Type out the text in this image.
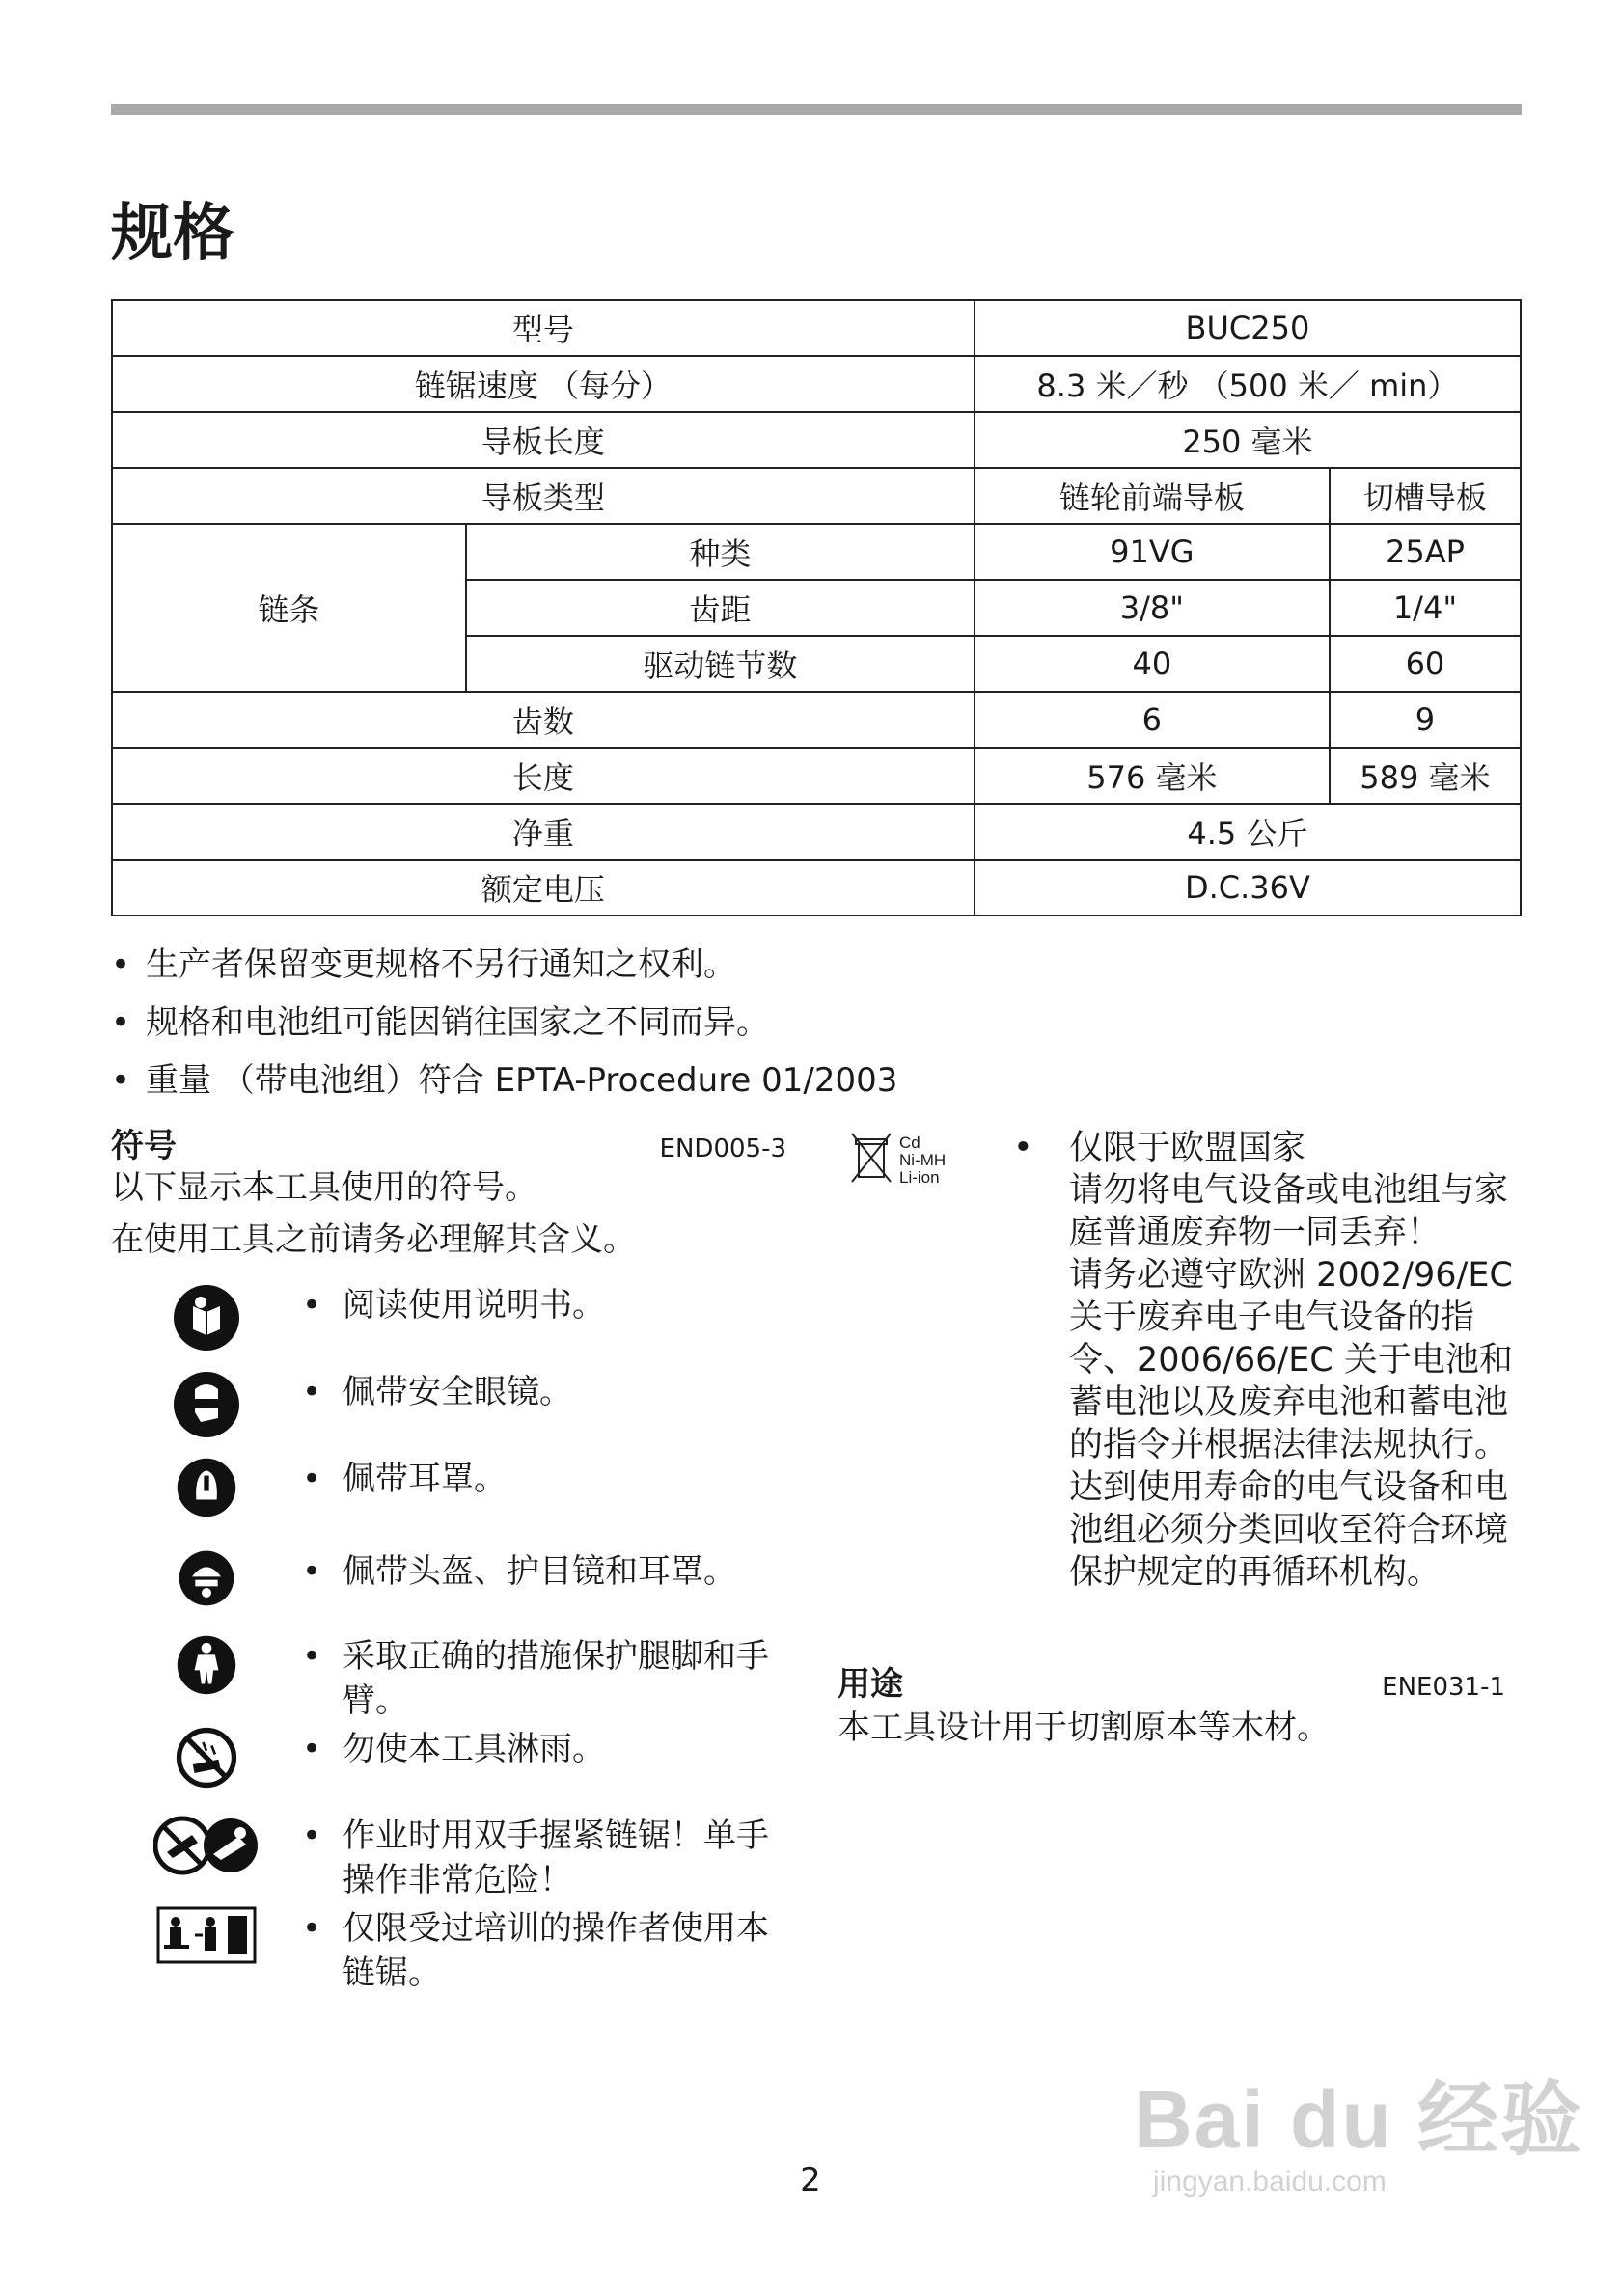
规格
型号		BUC250	
链锯速度 （每分）		8.3 米／秒 （500 米／ min）	
导板长度		250 毫米	
导板类型		链轮前端导板	切槽导板
链条	种类	91VG	25AP
	齿距	3/8"	1/4"
	驱动链节数	40	60
齿数		6	9
长度		576 毫米	589 毫米
净重		4.5 公斤	
额定电压		D.C.36V	
• 生产者保留变更规格不另行通知之权利。
• 规格和电池组可能因销往国家之不同而异。
• 重量 （带电池组）符合 EPTA-Procedure 01/2003
符号	END005-3
以下显示本工具使用的符号。
在使用工具之前请务必理解其含义。
• 阅读使用说明书。
• 佩带安全眼镜。
• 佩带耳罩。
• 佩带头盔、护目镜和耳罩。
• 采取正确的措施保护腿脚和手臂。
• 勿使本工具淋雨。
• 作业时用双手握紧链锯！单手操作非常危险！
• 仅限受过培训的操作者使用本链锯。
Cd
Ni-MH
Li-ion
•	仅限于欧盟国家
请勿将电气设备或电池组与家庭普通废弃物一同丢弃！
请务必遵守欧洲 2002/96/EC 关于废弃电子电气设备的指令、2006/66/EC 关于电池和蓄电池以及废弃电池和蓄电池的指令并根据法律法规执行。达到使用寿命的电气设备和电池组必须分类回收至符合环境保护规定的再循环机构。
用途	ENE031-1
本工具设计用于切割原本等木材。
2
Bai du 经验
jingyan.baidu.com
